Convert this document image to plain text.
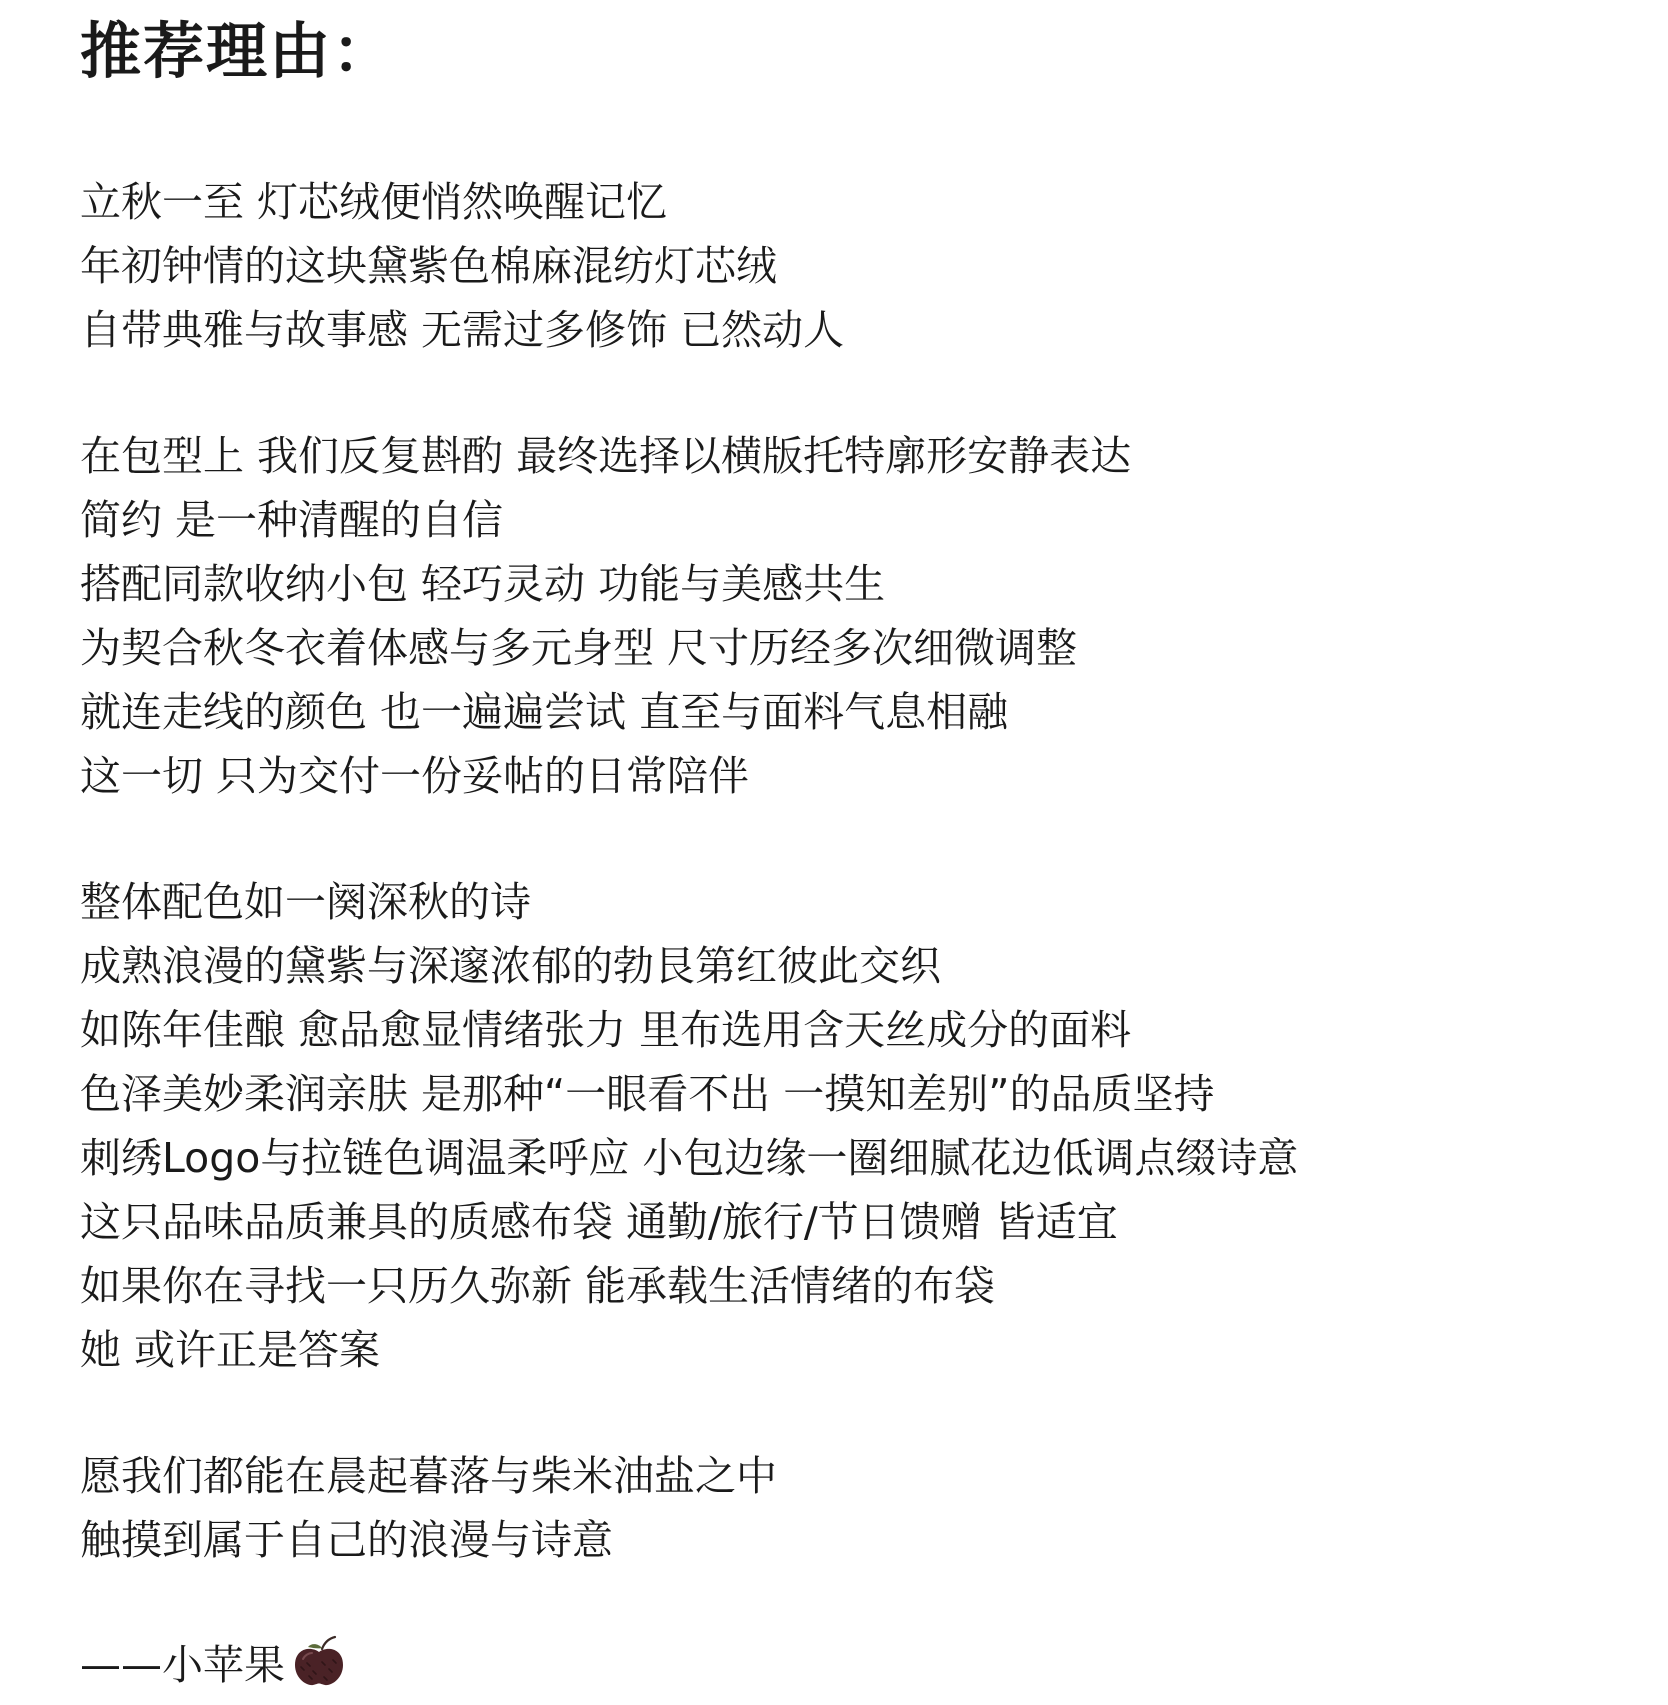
推荐理由：
立秋一至 灯芯绒便悄然唤醒记忆
年初钟情的这块黛紫色棉麻混纺灯芯绒
自带典雅与故事感 无需过多修饰 已然动人
在包型上 我们反复斟酌 最终选择以横版托特廓形安静表达
简约 是一种清醒的自信
搭配同款收纳小包 轻巧灵动 功能与美感共生
为契合秋冬衣着体感与多元身型 尺寸历经多次细微调整
就连走线的颜色 也一遍遍尝试 直至与面料气息相融
这一切 只为交付一份妥帖的日常陪伴
整体配色如一阕深秋的诗
成熟浪漫的黛紫与深邃浓郁的勃艮第红彼此交织
如陈年佳酿 愈品愈显情绪张力 里布选用含天丝成分的面料
色泽美妙柔润亲肤 是那种“一眼看不出 一摸知差别”的品质坚持
刺绣Logo与拉链色调温柔呼应 小包边缘一圈细腻花边低调点缀诗意
这只品味品质兼具的质感布袋 通勤/旅行/节日馈赠 皆适宜
如果你在寻找一只历久弥新 能承载生活情绪的布袋
她 或许正是答案
愿我们都能在晨起暮落与柴米油盐之中
触摸到属于自己的浪漫与诗意
——小苹果
